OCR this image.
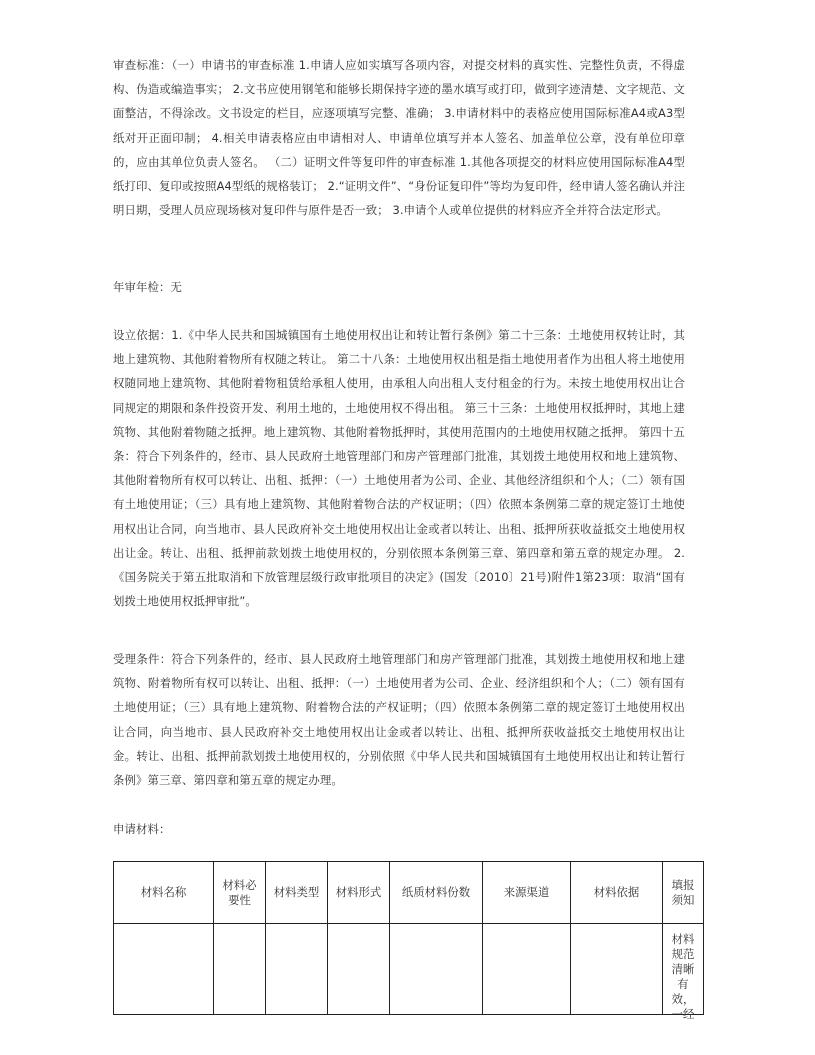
审查标准：（一）申请书的审查标准 1.申请人应如实填写各项内容，对提交材料的真实性、完整性负责，不得虚构、伪造或编造事实； 2.文书应使用钢笔和能够长期保持字迹的墨水填写或打印，做到字迹清楚、文字规范、文面整洁，不得涂改。文书设定的栏目，应逐项填写完整、准确； 3.申请材料中的表格应使用国际标准A4或A3型纸对开正面印制； 4.相关申请表格应由申请相对人、申请单位填写并本人签名、加盖单位公章，没有单位印章的，应由其单位负责人签名。 （二）证明文件等复印件的审查标准 1.其他各项提交的材料应使用国际标准A4型纸打印、复印或按照A4型纸的规格装订； 2.“证明文件”、“身份证复印件”等均为复印件，经申请人签名确认并注明日期，受理人员应现场核对复印件与原件是否一致； 3.申请个人或单位提供的材料应齐全并符合法定形式。

年审年检：无

设立依据：1.《中华人民共和国城镇国有土地使用权出让和转让暂行条例》第二十三条：土地使用权转让时，其地上建筑物、其他附着物所有权随之转让。 第二十八条：土地使用权出租是指土地使用者作为出租人将土地使用权随同地上建筑物、其他附着物租赁给承租人使用，由承租人向出租人支付租金的行为。未按土地使用权出让合同规定的期限和条件投资开发、利用土地的，土地使用权不得出租。 第三十三条：土地使用权抵押时，其地上建筑物、其他附着物随之抵押。地上建筑物、其他附着物抵押时，其使用范围内的土地使用权随之抵押。 第四十五条：符合下列条件的，经市、县人民政府土地管理部门和房产管理部门批准，其划拨土地使用权和地上建筑物、其他附着物所有权可以转让、出租、抵押：（一）土地使用者为公司、企业、其他经济组织和个人；（二）领有国有土地使用证；（三）具有地上建筑物、其他附着物合法的产权证明；（四）依照本条例第二章的规定签订土地使用权出让合同，向当地市、县人民政府补交土地使用权出让金或者以转让、出租、抵押所获收益抵交土地使用权出让金。转让、出租、抵押前款划拨土地使用权的，分别依照本条例第三章、第四章和第五章的规定办理。 2.《国务院关于第五批取消和下放管理层级行政审批项目的决定》(国发〔2010〕21号)附件1第23项：取消“国有划拨土地使用权抵押审批”。

受理条件：符合下列条件的，经市、县人民政府土地管理部门和房产管理部门批准，其划拨土地使用权和地上建筑物、附着物所有权可以转让、出租、抵押：（一）土地使用者为公司、企业、经济组织和个人；（二）领有国有土地使用证；（三）具有地上建筑物、附着物合法的产权证明；（四）依照本条例第二章的规定签订土地使用权出让合同，向当地市、县人民政府补交土地使用权出让金或者以转让、出租、抵押所获收益抵交土地使用权出让金。转让、出租、抵押前款划拨土地使用权的，分别依照《中华人民共和国城镇国有土地使用权出让和转让暂行条例》第三章、第四章和第五章的规定办理。

申请材料：

材料名称	材料必要性	材料类型	材料形式	纸质材料份数	来源渠道	材料依据	填报须知

							材料规范清晰有效，一经
